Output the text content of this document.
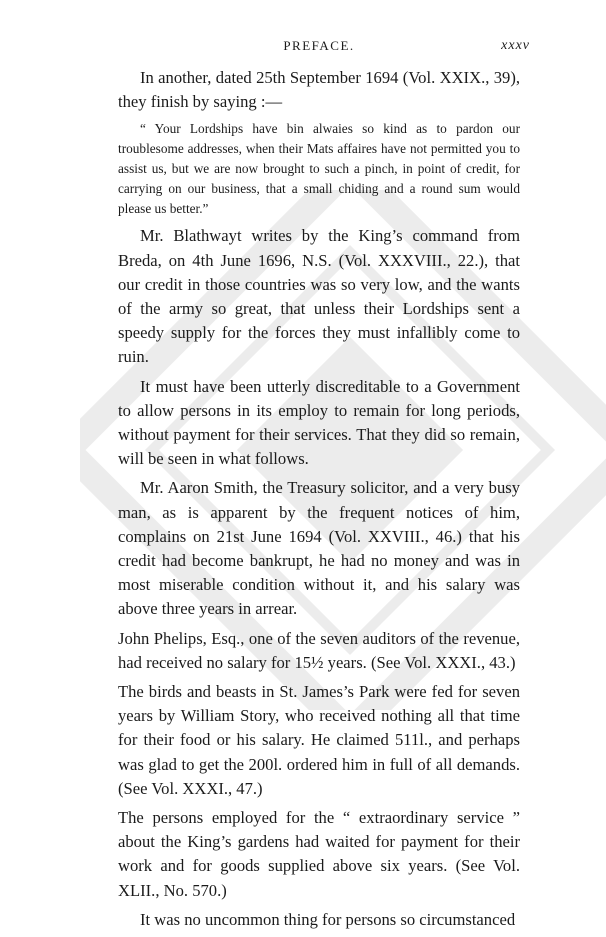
PREFACE.	xxxv

In another, dated 25th September 1694 (Vol. XXIX., 39), they finish by saying :—

“ Your Lordships have bin alwaies so kind as to pardon our troublesome addresses, when their Mats affaires have not permitted you to assist us, but we are now brought to such a pinch, in point of credit, for carrying on our business, that a small chiding and a round sum would please us better.”

Mr. Blathwayt writes by the King’s command from Breda, on 4th June 1696, N.S. (Vol. XXXVIII., 22.), that our credit in those countries was so very low, and the wants of the army so great, that unless their Lordships sent a speedy supply for the forces they must infallibly come to ruin.

It must have been utterly discreditable to a Government to allow persons in its employ to remain for long periods, without payment for their services. That they did so remain, will be seen in what follows.

Mr. Aaron Smith, the Treasury solicitor, and a very busy man, as is apparent by the frequent notices of him, complains on 21st June 1694 (Vol. XXVIII., 46.) that his credit had become bankrupt, he had no money and was in most miserable condition without it, and his salary was above three years in arrear.

John Phelips, Esq., one of the seven auditors of the revenue, had received no salary for 15½ years. (See Vol. XXXI., 43.)

The birds and beasts in St. James’s Park were fed for seven years by William Story, who received nothing all that time for their food or his salary. He claimed 511l., and perhaps was glad to get the 200l. ordered him in full of all demands. (See Vol. XXXI., 47.)

The persons employed for the “ extraordinary service ” about the King’s gardens had waited for payment for their work and for goods supplied above six years. (See Vol. XLII., No. 570.)

It was no uncommon thing for persons so circumstanced
